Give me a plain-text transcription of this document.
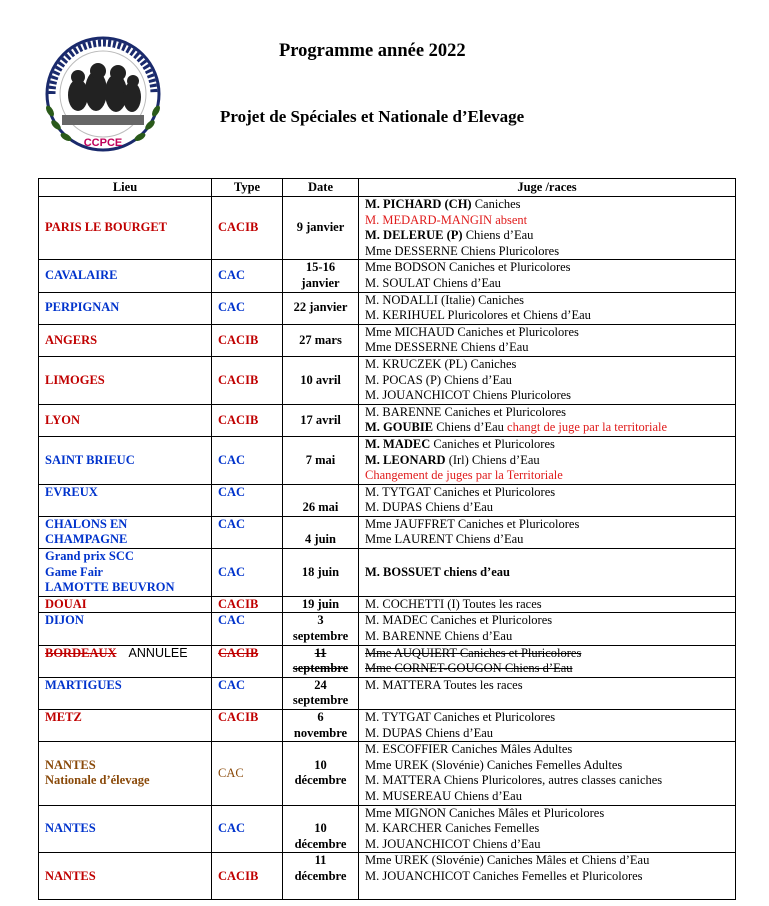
CCPCE
Programme année 2022
Projet de Spéciales et Nationale d’Elevage
Lieu	Type	Date	Juge /races
PARIS LE BOURGET	CACIB	9 janvier	M. PICHARD (CH) Caniches
M. MEDARD-MANGIN absent
M. DELERUE (P) Chiens d’Eau
Mme DESSERNE Chiens Pluricolores

CAVALAIRE	CAC	15-16
janvier	Mme BODSON Caniches et Pluricolores
M. SOULAT Chiens d’Eau

PERPIGNAN	CAC	22 janvier	M. NODALLI (Italie) Caniches
M. KERIHUEL Pluricolores et Chiens d’Eau

ANGERS	CACIB	27 mars	Mme MICHAUD Caniches et Pluricolores
Mme DESSERNE Chiens d’Eau

LIMOGES	CACIB	10 avril	M. KRUCZEK (PL) Caniches
M. POCAS (P) Chiens d’Eau
M. JOUANCHICOT Chiens Pluricolores

LYON	CACIB	17 avril	M. BARENNE Caniches et Pluricolores
M. GOUBIE Chiens d’Eau changt de juge par la territoriale

SAINT BRIEUC	CAC	7 mai	M. MADEC Caniches et Pluricolores
M. LEONARD (Irl) Chiens d’Eau
Changement de juges par la Territoriale

EVREUX	CAC	26 mai	M. TYTGAT Caniches et Pluricolores
M. DUPAS Chiens d’Eau

CHALONS EN
CHAMPAGNE	CAC	4 juin	Mme JAUFFRET Caniches et Pluricolores
Mme LAURENT Chiens d’Eau

Grand prix SCC
Game Fair
LAMOTTE BEUVRON	CAC	18 juin	M. BOSSUET chiens d’eau

DOUAI	CACIB	19 juin	M. COCHETTI (I) Toutes les races

DIJON	CAC	3
septembre	M. MADEC Caniches et Pluricolores
M. BARENNE Chiens d’Eau

BORDEAUX ANNULEE	CACIB	11
septembre	Mme AUQUIERT Caniches et Pluricolores
Mme CORNET-GOUGON Chiens d’Eau

MARTIGUES	CAC	24
septembre	M. MATTERA Toutes les races

METZ	CACIB	6
novembre	M. TYTGAT Caniches et Pluricolores
M. DUPAS Chiens d’Eau

NANTES
Nationale d’élevage	CAC	10
décembre	M. ESCOFFIER Caniches Mâles Adultes
Mme UREK (Slovénie) Caniches Femelles Adultes
M. MATTERA Chiens Pluricolores, autres classes caniches
M. MUSEREAU Chiens d’Eau

NANTES	CAC	10
décembre	Mme MIGNON Caniches Mâles et Pluricolores
M. KARCHER Caniches Femelles
M. JOUANCHICOT Chiens d’Eau

NANTES	CACIB	11
décembre	Mme UREK (Slovénie) Caniches Mâles et Chiens d’Eau
M. JOUANCHICOT Caniches Femelles et Pluricolores
